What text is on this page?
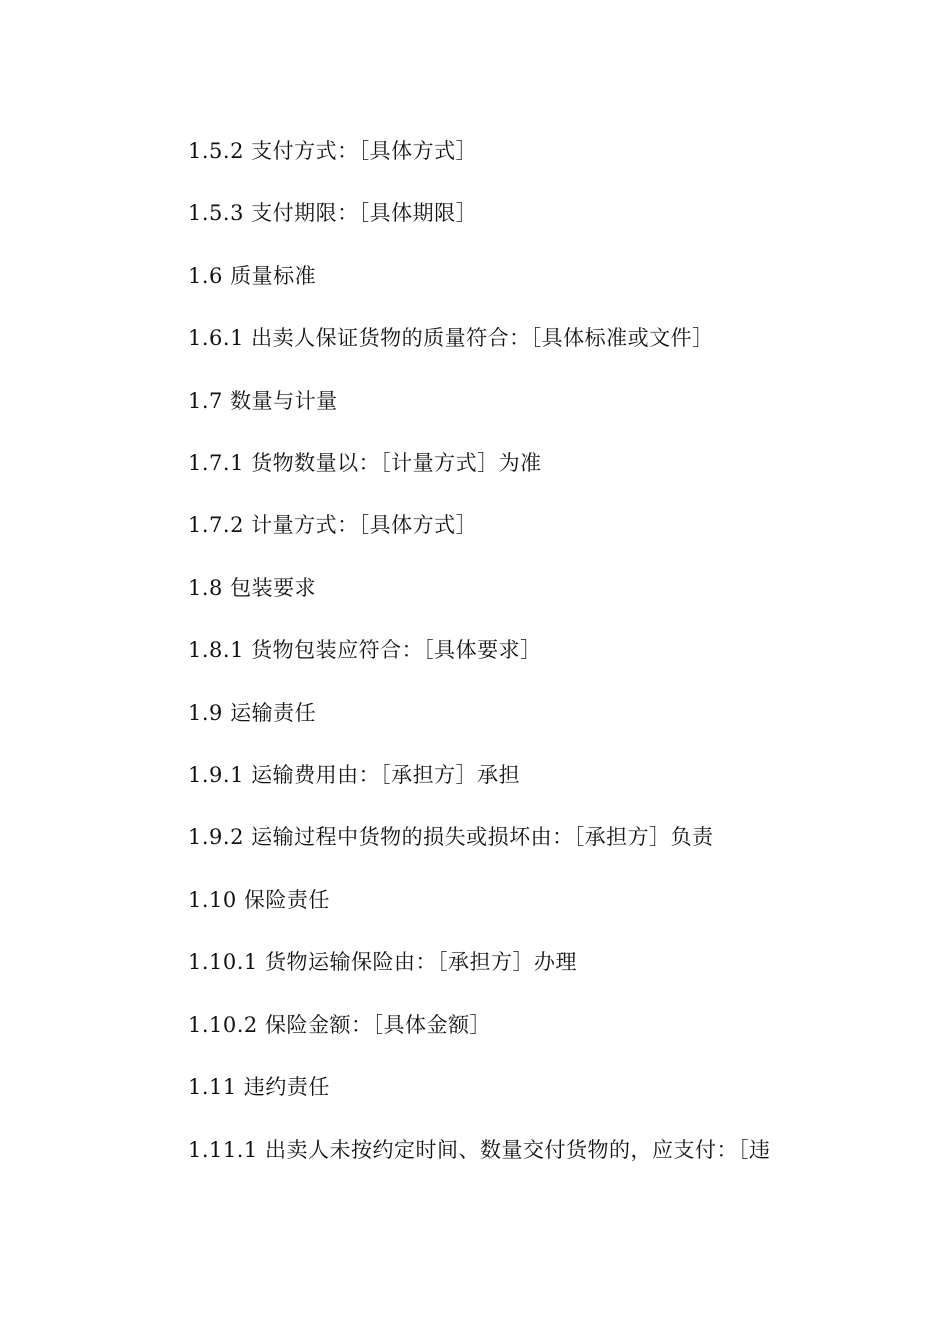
1.5.2 支付方式：［具体方式］
1.5.3 支付期限：［具体期限］
1.6 质量标准
1.6.1 出卖人保证货物的质量符合：［具体标准或文件］
1.7 数量与计量
1.7.1 货物数量以：［计量方式］为准
1.7.2 计量方式：［具体方式］
1.8 包装要求
1.8.1 货物包装应符合：［具体要求］
1.9 运输责任
1.9.1 运输费用由：［承担方］承担
1.9.2 运输过程中货物的损失或损坏由：［承担方］负责
1.10 保险责任
1.10.1 货物运输保险由：［承担方］办理
1.10.2 保险金额：［具体金额］
1.11 违约责任
1.11.1 出卖人未按约定时间、数量交付货物的，应支付：［违
